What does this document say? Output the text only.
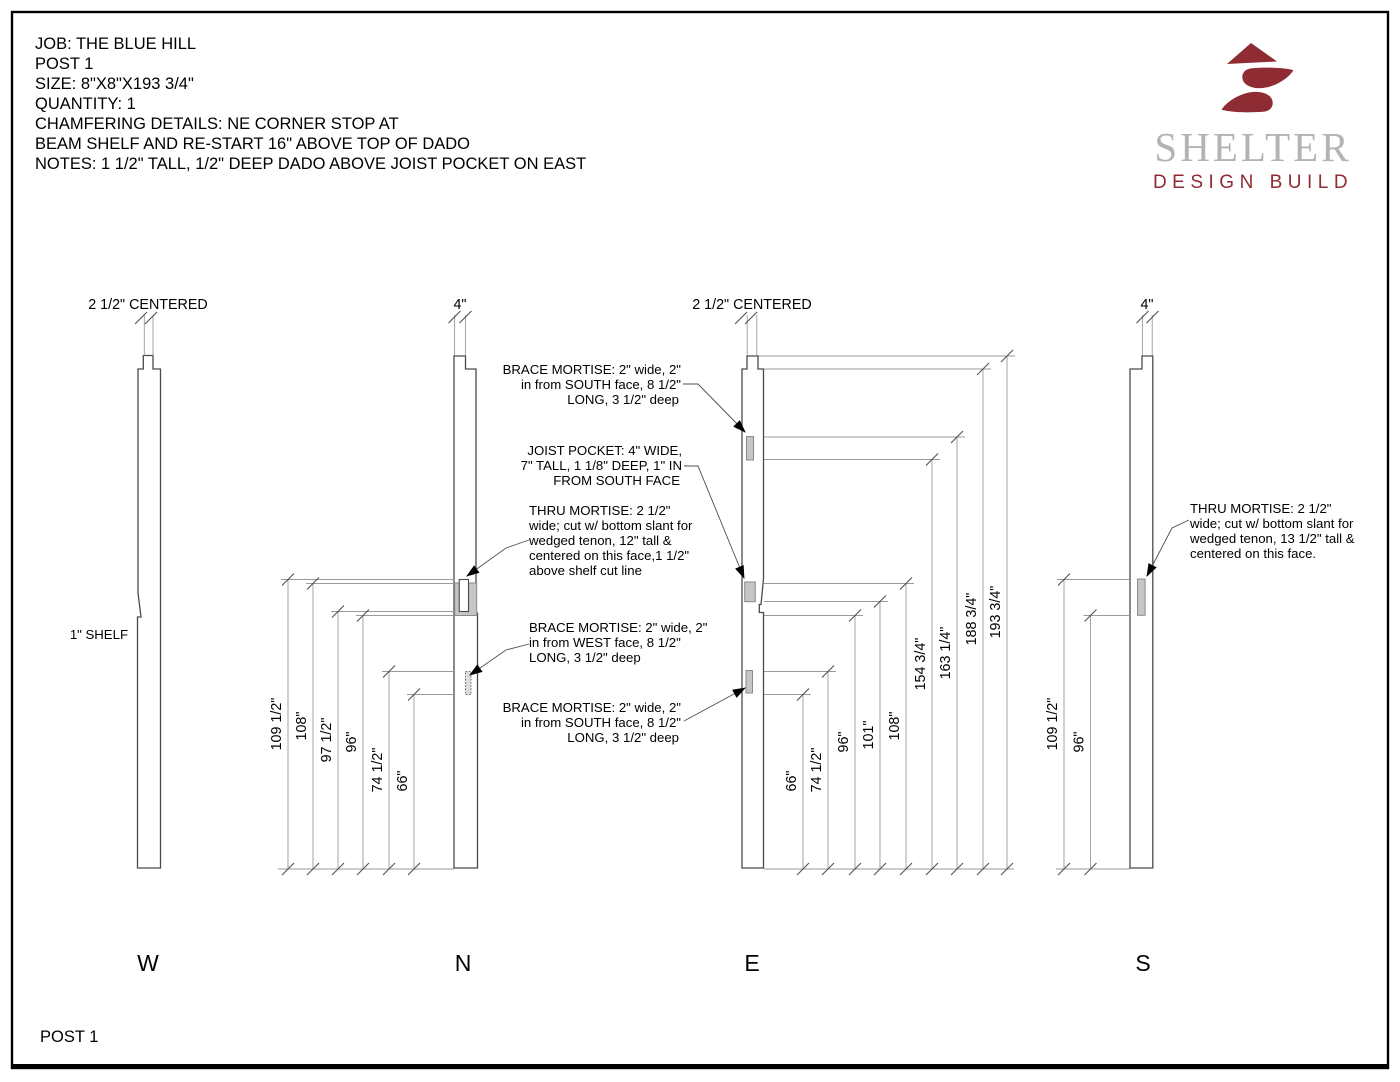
JOB: THE BLUE HILL
POST 1
SIZE: 8"X8"X193 3/4"
QUANTITY: 1
CHAMFERING DETAILS: NE CORNER STOP AT
BEAM SHELF AND RE-START 16" ABOVE TOP OF DADO
NOTES: 1 1/2" TALL, 1/2" DEEP DADO ABOVE JOIST POCKET ON EAST	SHELTER
DESIGN BUILD
2 1/2" CENTERED
1" SHELF
W
4"
109 1/2" 108" 97 1/2" 96"
74 1/2" 66"
N
2 1/2" CENTERED
66" 74 1/2"
96" 101" 108"
154 3/4" 163 1/4"
188 3/4" 193 3/4"
E
4"
109 1/2" 96"
S
BRACE MORTISE: 2" wide, 2"
in from SOUTH face, 8 1/2"
LONG, 3 1/2" deep
JOIST POCKET: 4" WIDE,
7" TALL, 1 1/8" DEEP, 1" IN
FROM SOUTH FACE
THRU MORTISE: 2 1/2"
wide; cut w/ bottom slant for
wedged tenon, 12" tall &
centered on this face,1 1/2"
above shelf cut line
BRACE MORTISE: 2" wide, 2"
in from WEST face, 8 1/2"
LONG, 3 1/2" deep
BRACE MORTISE: 2" wide, 2"
in from SOUTH face, 8 1/2"
LONG, 3 1/2" deep
THRU MORTISE: 2 1/2"
wide; cut w/ bottom slant for
wedged tenon, 13 1/2" tall &
centered on this face.
POST 1
